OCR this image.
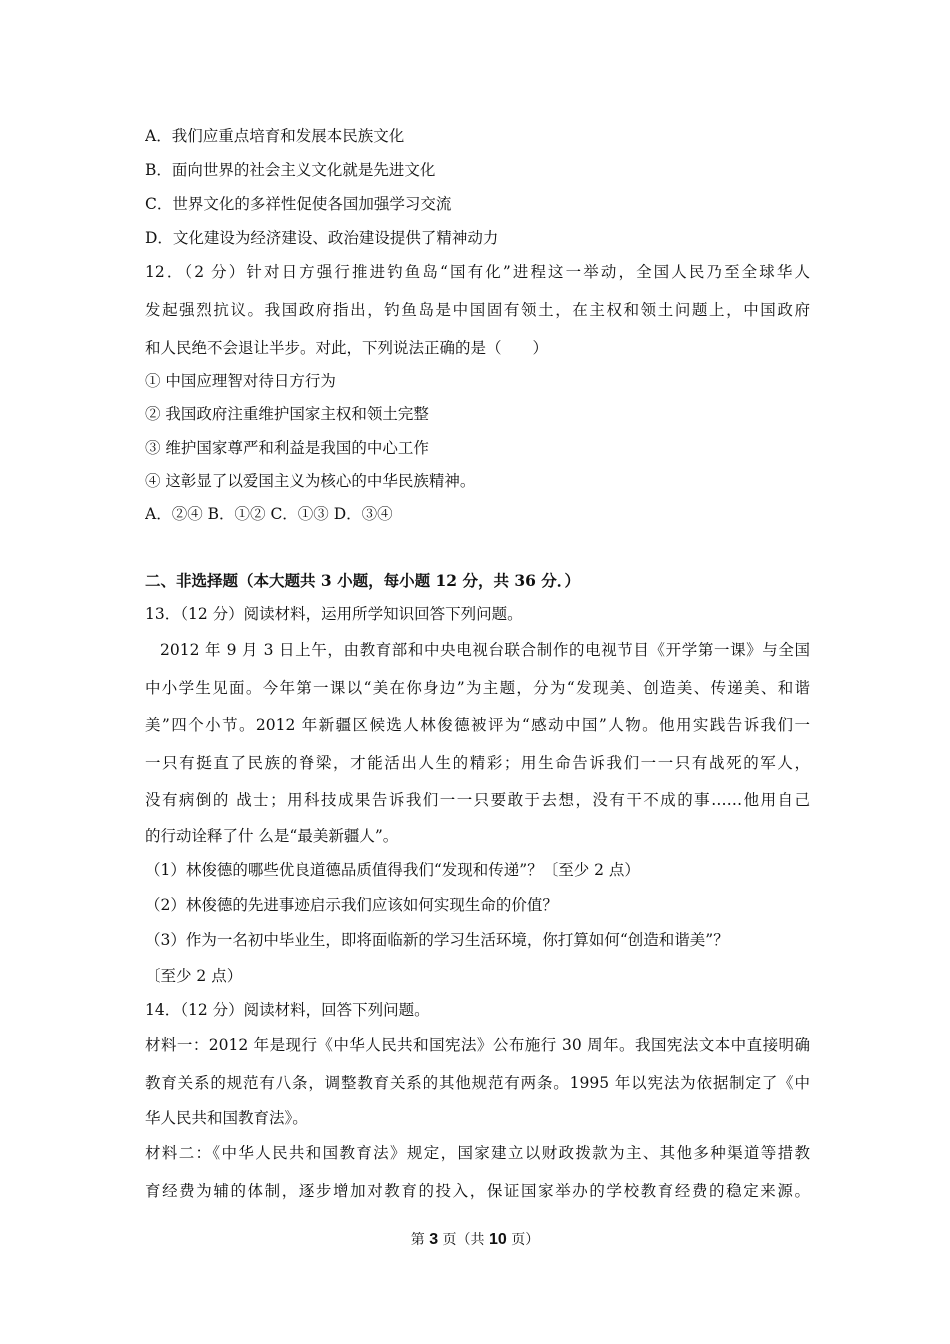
A．我们应重点培育和发展本民族文化
B．面向世界的社会主义文化就是先进文化
C．世界文化的多祥性促使各国加强学习交流
D．文化建设为经济建设、政治建设提供了精神动力
12．（2 分）针对日方强行推进钓鱼岛“国有化”进程这一举动，全国人民乃至全球华人
发起强烈抗议。我国政府指出，钓鱼岛是中国固有领土，在主权和领土问题上，中国政府
和人民绝不会退让半步。对此，下列说法正确的是（　　）
① 中国应理智对待日方行为
② 我国政府注重维护国家主权和领土完整
③ 维护国家尊严和利益是我国的中心工作
④ 这彰显了以爱国主义为核心的中华民族精神。
A．②④ B．①② C．①③ D．③④
二、非选择题（本大题共 3 小题，每小题 12 分，共 36 分．）
13．（12 分）阅读材料，运用所学知识回答下列问题。
2012 年 9 月 3 日上午，由教育部和中央电视台联合制作的电视节目《开学第一课》与全国
中小学生见面。今年第一课以“美在你身边”为主题，分为“发现美、创造美、传递美、和谐
美”四个小节。2012 年新疆区候选人林俊德被评为“感动中国”人物。他用实践告诉我们一
一只有挺直了民族的脊梁，才能活出人生的精彩；用生命告诉我们一一只有战死的军人，
没有病倒的 战士；用科技成果告诉我们一一只要敢于去想，没有干不成的事……他用自己
的行动诠释了什 么是“最美新疆人”。
（1）林俊德的哪些优良道德品质值得我们“发现和传递”？〔至少 2 点）
（2）林俊德的先进事迹启示我们应该如何实现生命的价值？
（3）作为一名初中毕业生，即将面临新的学习生活环境，你打算如何“创造和谐美”？
〔至少 2 点）
14．（12 分）阅读材料，回答下列问题。
材料一：2012 年是现行《中华人民共和国宪法》公布施行 30 周年。我国宪法文本中直接明确
教育关系的规范有八条，调整教育关系的其他规范有两条。1995 年以宪法为依据制定了《中
华人民共和国教育法》。
材料二：《中华人民共和国教育法》规定，国家建立以财政拨款为主、其他多种渠道等措教
育经费为辅的体制，逐步增加对教育的投入，保证国家举办的学校教育经费的稳定来源。
第 3 页（共 10 页）
